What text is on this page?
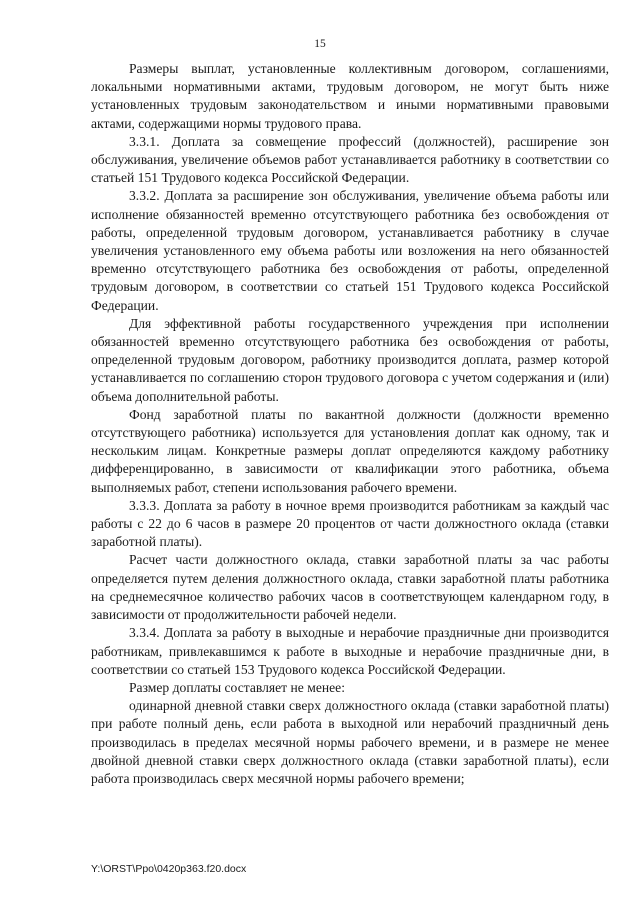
15

Размеры выплат, установленные коллективным договором, соглашениями, локальными нормативными актами, трудовым договором, не могут быть ниже установленных трудовым законодательством и иными нормативными правовыми актами, содержащими нормы трудового права.

3.3.1. Доплата за совмещение профессий (должностей), расширение зон обслуживания, увеличение объемов работ устанавливается работнику в соответствии со статьей 151 Трудового кодекса Российской Федерации.

3.3.2. Доплата за расширение зон обслуживания, увеличение объема работы или исполнение обязанностей временно отсутствующего работника без освобождения от работы, определенной трудовым договором, устанавливается работнику в случае увеличения установленного ему объема работы или возложения на него обязанностей временно отсутствующего работника без освобождения от работы, определенной трудовым договором, в соответствии со статьей 151 Трудового кодекса Российской Федерации.

Для эффективной работы государственного учреждения при исполнении обязанностей временно отсутствующего работника без освобождения от работы, определенной трудовым договором, работнику производится доплата, размер которой устанавливается по соглашению сторон трудового договора с учетом содержания и (или) объема дополнительной работы.

Фонд заработной платы по вакантной должности (должности временно отсутствующего работника) используется для установления доплат как одному, так и нескольким лицам. Конкретные размеры доплат определяются каждому работнику дифференцированно, в зависимости от квалификации этого работника, объема выполняемых работ, степени использования рабочего времени.

3.3.3. Доплата за работу в ночное время производится работникам за каждый час работы с 22 до 6 часов в размере 20 процентов от части должностного оклада (ставки заработной платы).

Расчет части должностного оклада, ставки заработной платы за час работы определяется путем деления должностного оклада, ставки заработной платы работника на среднемесячное количество рабочих часов в соответствующем календарном году, в зависимости от продолжительности рабочей недели.

3.3.4. Доплата за работу в выходные и нерабочие праздничные дни производится работникам, привлекавшимся к работе в выходные и нерабочие праздничные дни, в соответствии со статьей 153 Трудового кодекса Российской Федерации.

Размер доплаты составляет не менее:

одинарной дневной ставки сверх должностного оклада (ставки заработной платы) при работе полный день, если работа в выходной или нерабочий праздничный день производилась в пределах месячной нормы рабочего времени, и в размере не менее двойной дневной ставки сверх должностного оклада (ставки заработной платы), если работа производилась сверх месячной нормы рабочего времени;

Y:\ORST\Ppo\0420p363.f20.docx
